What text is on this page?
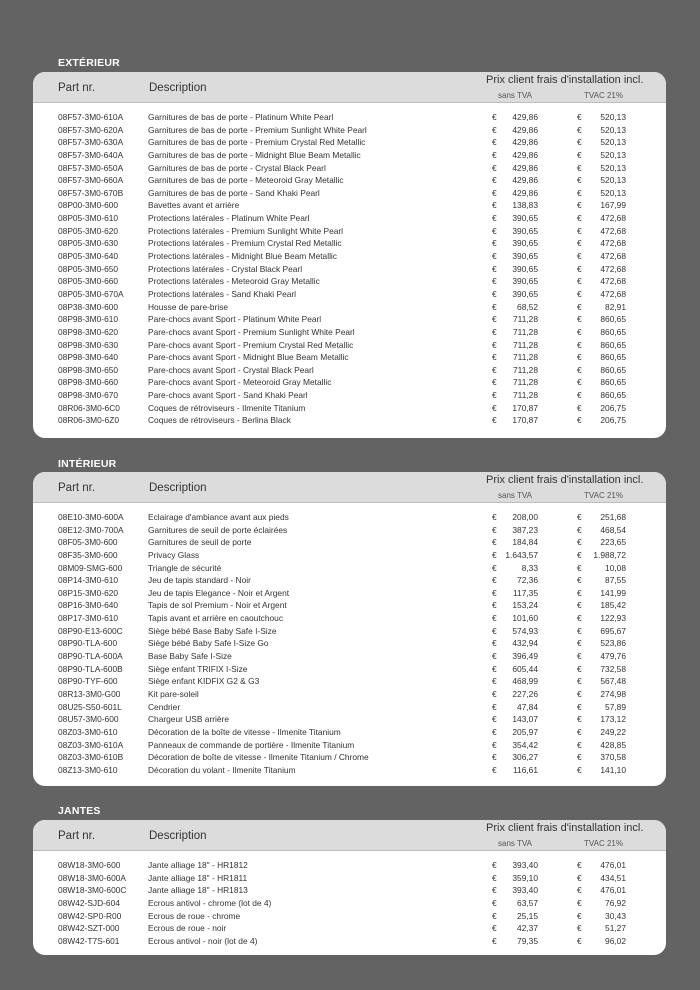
EXTÉRIEUR
Part nr.	Description
Prix client frais d'installation incl.
sans TVA	TVAC 21%
08F57-3M0-610A	Garnitures de bas de porte - Platinum White Pearl	€	429,86	€	520,13
08F57-3M0-620A	Garnitures de bas de porte - Premium Sunlight White Pearl	€	429,86	€	520,13
08F57-3M0-630A	Garnitures de bas de porte - Premium Crystal Red Metallic	€	429,86	€	520,13
08F57-3M0-640A	Garnitures de bas de porte - Midnight Blue Beam Metallic	€	429,86	€	520,13
08F57-3M0-650A	Garnitures de bas de porte - Crystal Black Pearl	€	429,86	€	520,13
08F57-3M0-660A	Garnitures de bas de porte - Meteoroid Gray Metallic	€	429,86	€	520,13
08F57-3M0-670B	Garnitures de bas de porte - Sand Khaki Pearl	€	429,86	€	520,13
08P00-3M0-600	Bavettes avant et arrière	€	138,83	€	167,99
08P05-3M0-610	Protections latérales - Platinum White Pearl	€	390,65	€	472,68
08P05-3M0-620	Protections latérales - Premium Sunlight White Pearl	€	390,65	€	472,68
08P05-3M0-630	Protections latérales - Premium Crystal Red Metallic	€	390,65	€	472,68
08P05-3M0-640	Protections latérales - Midnight Blue Beam Metallic	€	390,65	€	472,68
08P05-3M0-650	Protections latérales - Crystal Black Pearl	€	390,65	€	472,68
08P05-3M0-660	Protections latérales - Meteoroid Gray Metallic	€	390,65	€	472,68
08P05-3M0-670A	Protections latérales - Sand Khaki Pearl	€	390,65	€	472,68
08P38-3M0-600	Housse de pare-brise	€	68,52	€	82,91
08P98-3M0-610	Pare-chocs avant Sport - Platinum White Pearl	€	711,28	€	860,65
08P98-3M0-620	Pare-chocs avant Sport - Premium Sunlight White Pearl	€	711,28	€	860,65
08P98-3M0-630	Pare-chocs avant Sport - Premium Crystal Red Metallic	€	711,28	€	860,65
08P98-3M0-640	Pare-chocs avant Sport - Midnight Blue Beam Metallic	€	711,28	€	860,65
08P98-3M0-650	Pare-chocs avant Sport - Crystal Black Pearl	€	711,28	€	860,65
08P98-3M0-660	Pare-chocs avant Sport - Meteoroid Gray Metallic	€	711,28	€	860,65
08P98-3M0-670	Pare-chocs avant Sport - Sand Khaki Pearl	€	711,28	€	860,65
08R06-3M0-6C0	Coques de rétroviseurs - Ilmenite Titanium	€	170,87	€	206,75
08R06-3M0-6Z0	Coques de rétroviseurs - Berlina Black	€	170,87	€	206,75
INTÉRIEUR
Part nr.	Description
Prix client frais d'installation incl.
sans TVA	TVAC 21%
08E10-3M0-600A	Eclairage d'ambiance avant aux pieds	€	208,00	€	251,68
08E12-3M0-700A	Garnitures de seuil de porte éclairées	€	387,23	€	468,54
08F05-3M0-600	Garnitures de seuil de porte	€	184,84	€	223,65
08F35-3M0-600	Privacy Glass	€	1.643,57	€	1.988,72
08M09-SMG-600	Triangle de sécurité	€	8,33	€	10,08
08P14-3M0-610	Jeu de tapis standard - Noir	€	72,36	€	87,55
08P15-3M0-620	Jeu de tapis Elegance - Noir et Argent	€	117,35	€	141,99
08P16-3M0-640	Tapis de sol Premium - Noir et Argent	€	153,24	€	185,42
08P17-3M0-610	Tapis avant et arrière en caoutchouc	€	101,60	€	122,93
08P90-E13-600C	Siège bébé Base Baby Safe I-Size	€	574,93	€	695,67
08P90-TLA-600	Siège bébé Baby Safe I-Size Go	€	432,94	€	523,86
08P90-TLA-600A	Base Baby Safe I-Size	€	396,49	€	479,76
08P90-TLA-600B	Siège enfant TRIFIX I-Size	€	605,44	€	732,58
08P90-TYF-600	Siège enfant KIDFIX G2 & G3	€	468,99	€	567,48
08R13-3M0-G00	Kit pare-soleil	€	227,26	€	274,98
08U25-S50-601L	Cendrier	€	47,84	€	57,89
08U57-3M0-600	Chargeur USB arrière	€	143,07	€	173,12
08Z03-3M0-610	Décoration de la boîte de vitesse - Ilmenite Titanium	€	205,97	€	249,22
08Z03-3M0-610A	Panneaux de commande de portière - Ilmenite Titanium	€	354,42	€	428,85
08Z03-3M0-610B	Décoration de boîte de vitesse - Ilmenite Titanium / Chrome	€	306,27	€	370,58
08Z13-3M0-610	Décoration du volant - Ilmenite Titanium	€	116,61	€	141,10
JANTES
Part nr.	Description
Prix client frais d'installation incl.
sans TVA	TVAC 21%
08W18-3M0-600	Jante alliage 18" - HR1812	€	393,40	€	476,01
08W18-3M0-600A	Jante alliage 18" - HR1811	€	359,10	€	434,51
08W18-3M0-600C	Jante alliage 18" - HR1813	€	393,40	€	476,01
08W42-SJD-604	Ecrous antivol - chrome (lot de 4)	€	63,57	€	76,92
08W42-SP0-R00	Ecrous de roue - chrome	€	25,15	€	30,43
08W42-SZT-000	Ecrous de roue - noir	€	42,37	€	51,27
08W42-T7S-601	Ecrous antivol - noir (lot de 4)	€	79,35	€	96,02
